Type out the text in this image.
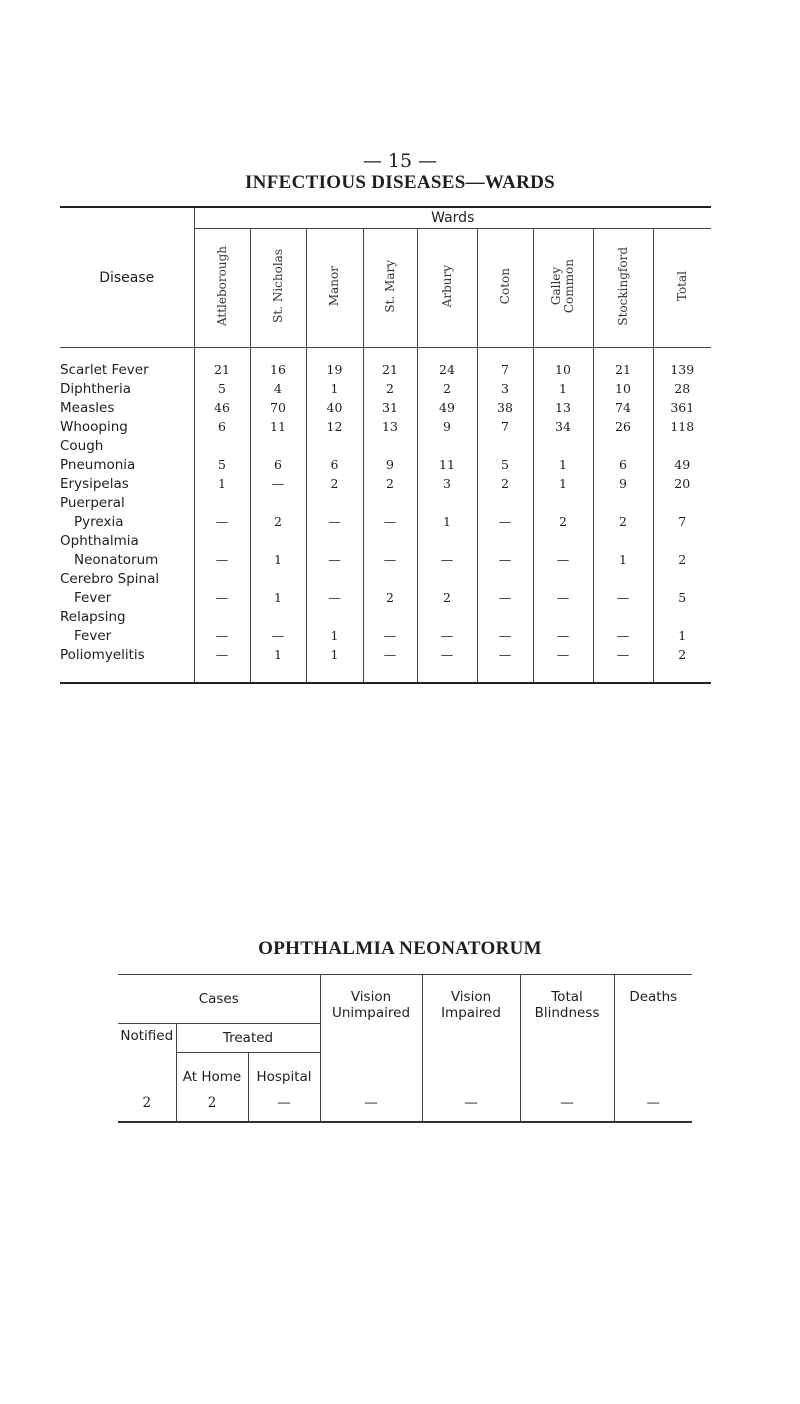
— 15 —
INFECTIOUS DISEASES—WARDS
Disease	Wards								
	Attleborough	St. Nicholas	Manor	St. Mary	Arbury	Coton	Galley
Common	Stockingford	Total
Scarlet Fever	21	16	19	21	24	7	10	21	139
Diphtheria	5	4	1	2	2	3	1	10	28
Measles	46	70	40	31	49	38	13	74	361
Whooping	6	11	12	13	9	7	34	26	118
Cough									
Pneumonia	5	6	6	9	11	5	1	6	49
Erysipelas	1	—	2	2	3	2	1	9	20
Puerperal									
Pyrexia	—	2	—	—	1	—	2	2	7
Ophthalmia									
Neonatorum	—	1	—	—	—	—	—	1	2
Cerebro Spinal									
Fever	—	1	—	2	2	—	—	—	5
Relapsing									
Fever	—	—	1	—	—	—	—	—	1
Poliomyelitis	—	1	1	—	—	—	—	—	2
OPHTHALMIA NEONATORUM
Cases			Vision Unimpaired	Vision Impaired	Total Blindness	Deaths
Notified	Treated					
	At Home	Hospital				
2	2	—	—	—	—	—
